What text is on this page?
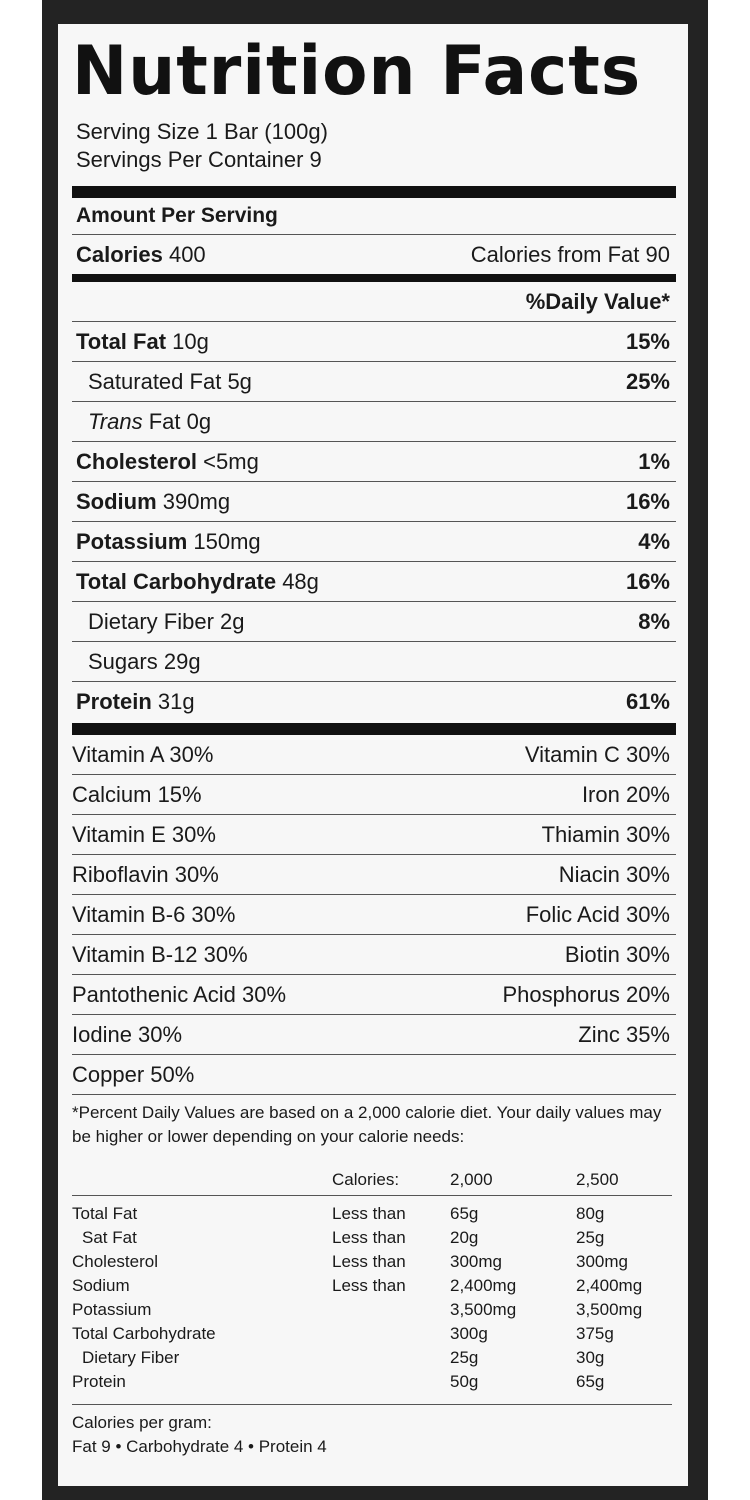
Nutrition Facts
Serving Size 1 Bar (100g)
Servings Per Container 9
Amount Per Serving
Calories 400	Calories from Fat 90
%Daily Value*
Total Fat 10g	15%
Saturated Fat 5g	25%
Trans Fat 0g
Cholesterol <5mg	1%
Sodium 390mg	16%
Potassium 150mg	4%
Total Carbohydrate 48g	16%
Dietary Fiber 2g	8%
Sugars 29g
Protein 31g	61%
Vitamin A 30%	Vitamin C 30%
Calcium 15%	Iron 20%
Vitamin E 30%	Thiamin 30%
Riboflavin 30%	Niacin 30%
Vitamin B-6 30%	Folic Acid 30%
Vitamin B-12 30%	Biotin 30%
Pantothenic Acid 30%	Phosphorus 20%
Iodine 30%	Zinc 35%
Copper 50%
*Percent Daily Values are based on a 2,000 calorie diet. Your daily values may be higher or lower depending on your calorie needs:
	Calories:	2,000	2,500
Total Fat	Less than	65g	80g
Sat Fat	Less than	20g	25g
Cholesterol	Less than	300mg	300mg
Sodium	Less than	2,400mg	2,400mg
Potassium		3,500mg	3,500mg
Total Carbohydrate		300g	375g
Dietary Fiber		25g	30g
Protein		50g	65g
Calories per gram:
Fat 9 • Carbohydrate 4 • Protein 4
